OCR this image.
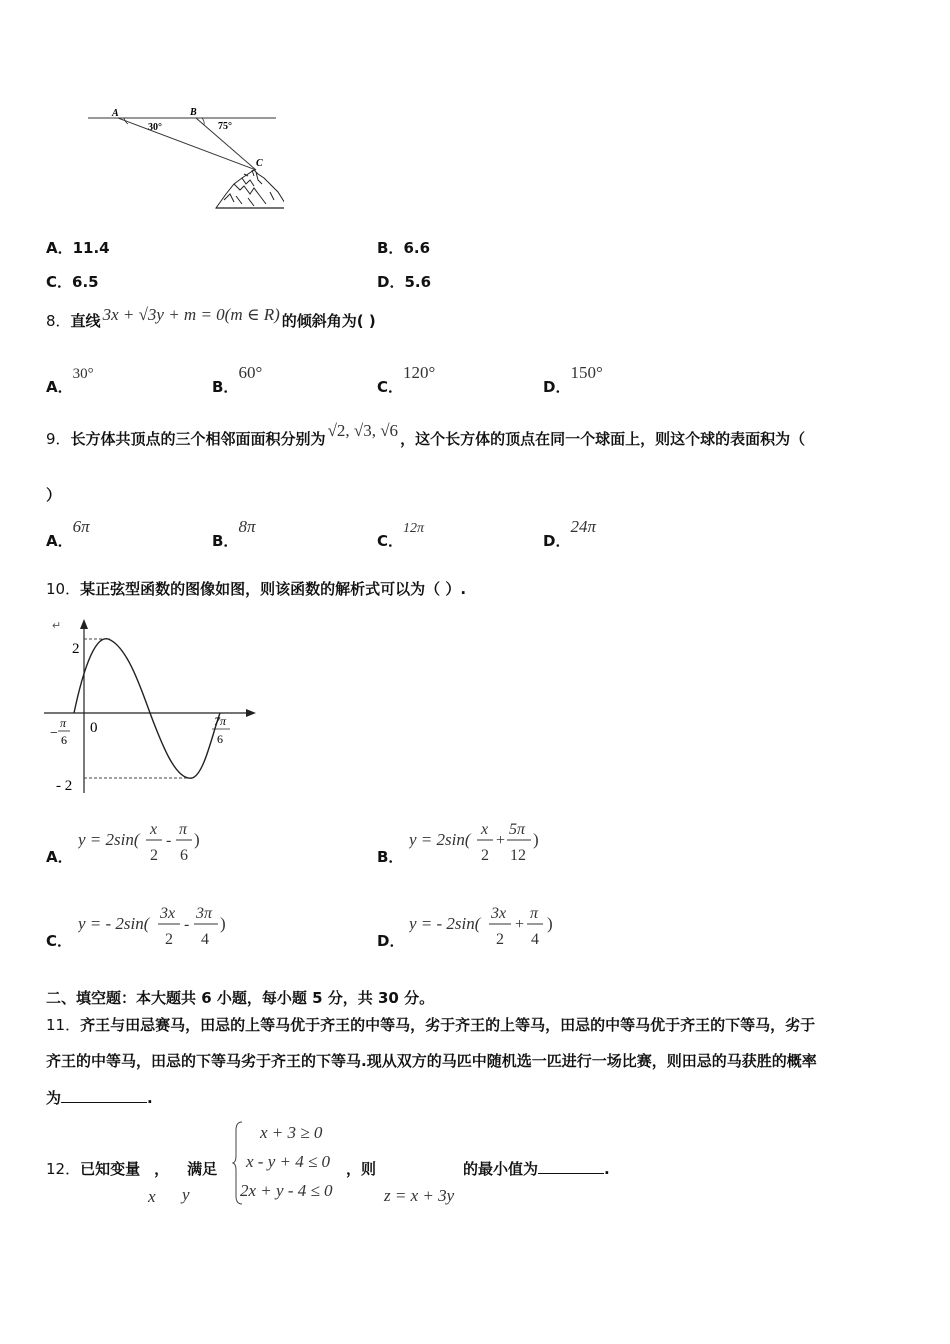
A	B
C
30°	75°
A．11.4	B．6.6
C．6.5	D．5.6
8．直线 3x + √3y + m = 0(m ∈ R) 的倾斜角为( )
A．30°
B．60°
C．120°
D．150°
9．长方体共顶点的三个相邻面面积分别为 √2, √3, √6 ，这个长方体的顶点在同一个球面上，则这个球的表面积为（
）
A．6π
B．8π
C．12π
D．24π
10．某正弦型函数的图像如图，则该函数的解析式可以为（ ）.
↵
2
- 2
0
−
π
6
7π
6
A．
y = 2sin(
x
2
-
π
6
)
B．
y = 2sin(
x
2
+
5π
12
)
C．
y = - 2sin(
3x
2
-
3π
4
)
D．
y = - 2sin(
3x
2
+
π
4
)
二、填空题：本大题共 6 小题，每小题 5 分，共 30 分。
11．齐王与田忌赛马，田忌的上等马优于齐王的中等马，劣于齐王的上等马，田忌的中等马优于齐王的下等马，劣于
齐王的中等马，田忌的下等马劣于齐王的下等马.现从双方的马匹中随机选一匹进行一场比赛，则田忌的马获胜的概率
为	.
12．已知变量 ， 满足
x y
x + 3 ≥ 0
x - y + 4 ≤ 0
2x + y - 4 ≤ 0
，则
z = x + 3y
的最小值为	.
